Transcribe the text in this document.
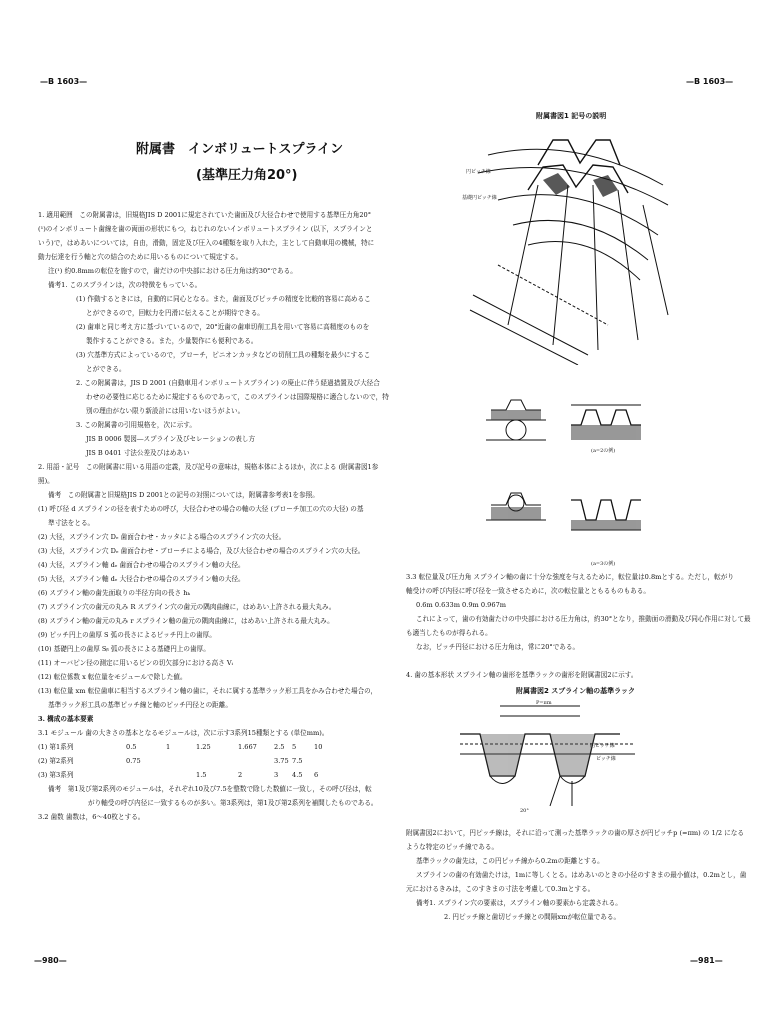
—B 1603—	—B 1603—
附属書　インボリュートスプライン
(基準圧力角20°)
1. 適用範囲　この附属書は，旧規格JIS D 2001に規定されていた歯面及び大径合わせで使用する基準圧力角20°
(¹)のインボリュート歯線を歯の両面の形状にもつ，ねじれのないインボリュートスプライン (以下，スプラインと
いう)で，はめあいについては，自由，滑動，固定及び圧入の4種類を取り入れた，主として自動車用の機械，特に
動力伝達を行う軸と穴の結合のために用いるものについて規定する。
注(¹) 約0.8mmの転位を施すので，歯だけの中央部における圧力角は約30°である。
備考1. このスプラインは，次の特徴をもっている。
(1) 作動するときには，自動的に同心となる。また，歯面及びピッチの精度を比較的容易に高めるこ
とができるので，回転力を円滑に伝えることが期待できる。
(2) 歯車と同じ考え方に基づいているので，20°近歯の歯車切削工具を用いて容易に高精度のものを
製作することができる。また，少量製作にも便利である。
(3) 穴基準方式によっているので，ブローチ，ピニオンカッタなどの切削工具の種類を最少にするこ
とができる。
2. この附属書は，JIS D 2001 (自動車用インボリュートスプライン) の廃止に伴う経過措置及び大径合
わせの必要性に応じるために規定するものであって，このスプラインは国際規格に適合しないので，特
別の理由がない限り新設計には用いないほうがよい。
3. この附属書の引用規格を，次に示す。
JIS B 0006 製図―スプライン及びセレーションの表し方
JIS B 0401 寸法公差及びはめあい
2. 用語・記号　この附属書に用いる用語の定義，及び記号の意味は，規格本体によるほか，次による (附属書図1参
照)。
備考　この附属書と旧規格JIS D 2001との記号の対照については，附属書参考表1を参照。
(1) 呼び径 d スプラインの径を表すための呼び，大径合わせの場合の軸の大径 (ブローチ加工の穴の大径) の基
準寸法をとる。
(2) 大径，スプライン穴 Dₑ 歯面合わせ・カッタによる場合のスプライン穴の大径。
(3) 大径，スプライン穴 Dₑ 歯面合わせ・ブローチによる場合，及び大径合わせの場合のスプライン穴の大径。
(4) 大径，スプライン軸 dₑ 歯面合わせの場合のスプライン軸の大径。
(5) 大径，スプライン軸 dₑ 大径合わせの場合のスプライン軸の大径。
(6) スプライン軸の歯先面取りの半径方向の長さ hₖ
(7) スプライン穴の歯元の丸み R スプライン穴の歯元の隅肉曲線に，はめあい上許される最大丸み。
(8) スプライン軸の歯元の丸み r スプライン軸の歯元の隅肉曲線に，はめあい上許される最大丸み。
(9) ピッチ円上の歯厚 S 弧の長さによるピッチ円上の歯厚。
(10) 基礎円上の歯厚 Sᵦ 弧の長さによる基礎円上の歯厚。
(11) オーバピン径の測定に用いるピンの切欠部分における高さ Vᵢ
(12) 転位係数 x 転位量をモジュールで除した値。
(13) 転位量 xm 転位歯車に相当するスプライン軸の歯に，それに属する基準ラック形工具をかみ合わせた場合の，
基準ラック形工具の基準ピッチ線と軸のピッチ円径との距離。
3. 構成の基本要素
3.1 モジュール 歯の大きさの基本となるモジュールは，次に示す3系列15種類とする (単位mm)。
(1) 第1系列	0.5	1	1.25	1.667	2.5 5	10
(2) 第2系列	0.75	3.75 7.5
(3) 第3系列	1.5	2	3 4.5 6
備考　第1及び第2系列のモジュールは，それぞれ10及び7.5を整数で除した数値に一致し，その呼び径は，転
がり軸受の呼び内径に一致するものが多い。第3系列は，第1及び第2系列を補間したものである。
3.2 歯数 歯数は，6〜40枚とする。
附属書図1 記号の説明
円ピッチ線
基礎円ピッチ線
(a=2の例)
(a=3の例)
3.3 転位量及び圧力角 スプライン軸の歯に十分な強度を与えるために，転位量は0.8mとする。ただし，転がり
軸受けの呼び内径に呼び径を一致させるために，次の転位量とともるものもある。
0.6m 0.633m 0.9m 0.967m
これによって，歯の有効歯たけの中央部における圧力角は，約30°となり，推動面の滑動及び同心作用に対して最
も適当したものが得られる。
なお，ピッチ円径における圧力角は，常に20°である。
4. 歯の基本形状 スプライン軸の歯形を基準ラックの歯形を附属書図2に示す。
附属書図2 スプライン軸の基準ラック
P=πm
円ピッチ線
ピッチ線
20°
附属書図2において，円ピッチ線は，それに沿って測った基準ラックの歯の厚さが円ピッチp (=πm) の 1/2 になる
ような特定のピッチ線である。
基準ラックの歯先は，この円ピッチ線から0.2mの距離とする。
スプラインの歯の有効歯たけは，1mに等しくとる。はめあいのときの小径のすきまの最小値は，0.2mとし，歯
元におけるきみは，このすきまの寸法を考慮して0.3mとする。
備考1. スプライン穴の要素は，スプライン軸の要素から定義される。
2. 円ピッチ線と歯切ピッチ線との間隔xmが転位量である。
—980—	—981—
